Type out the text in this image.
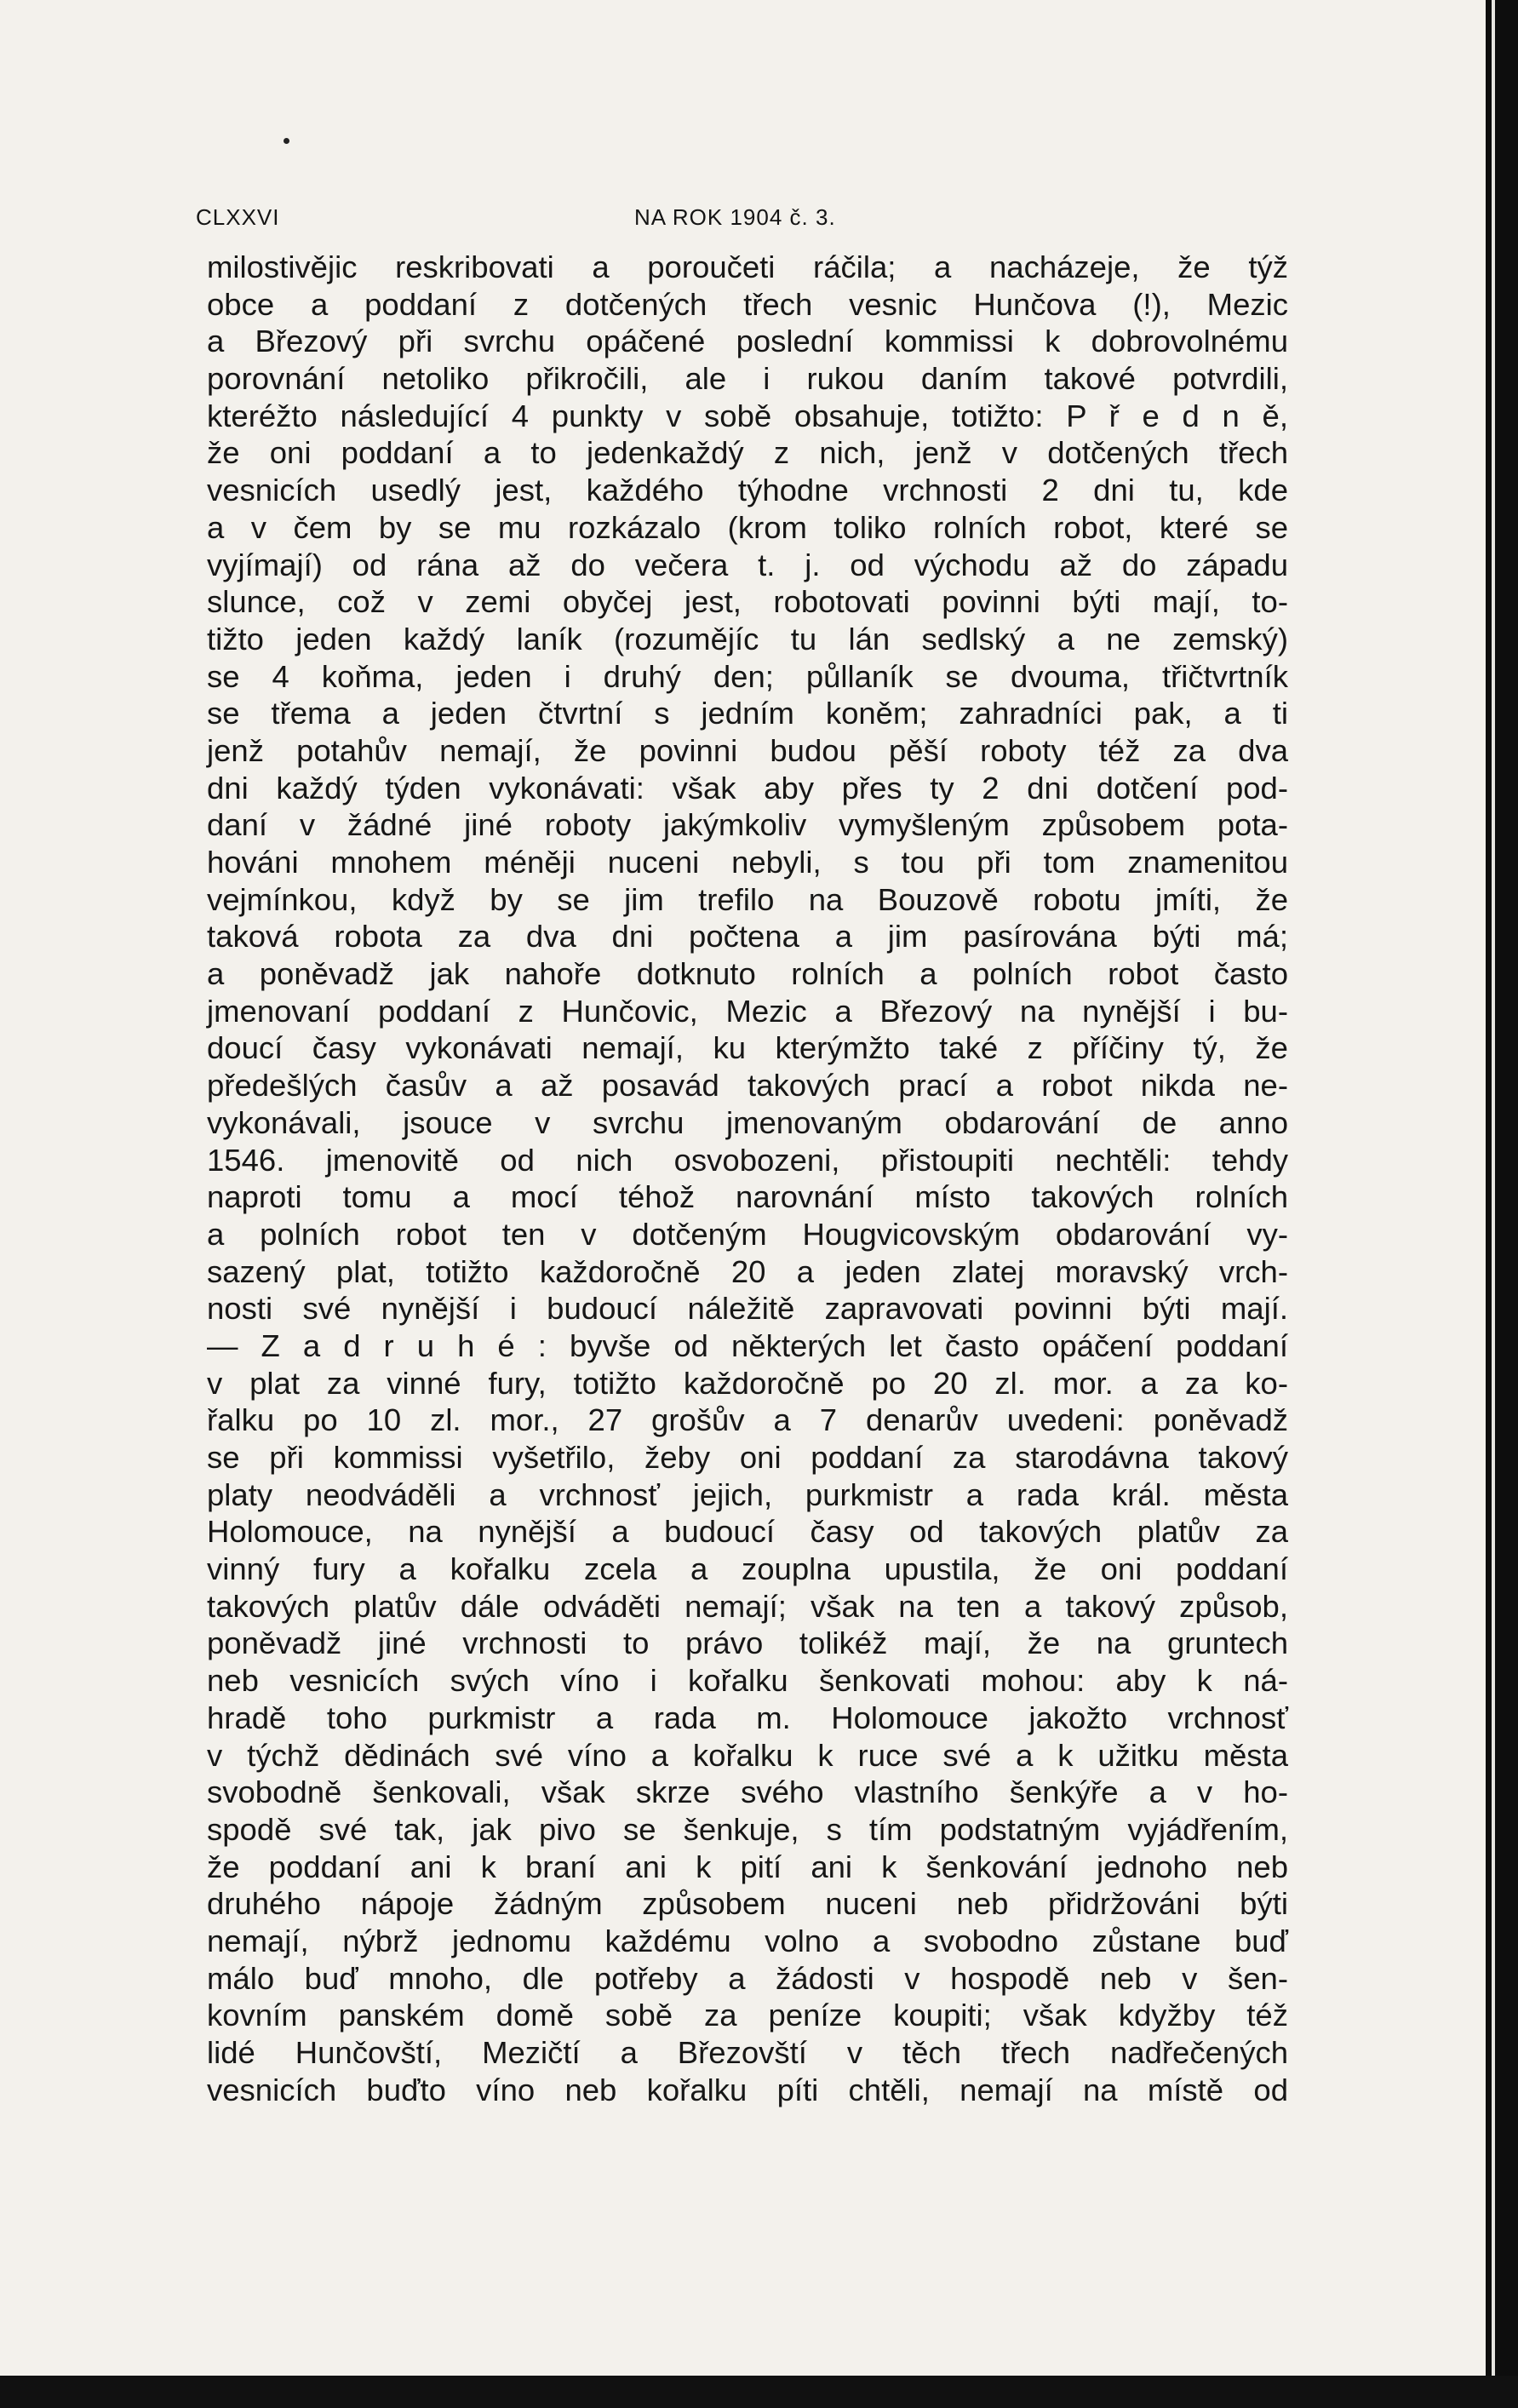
CLXXVI	NA ROK 1904 č. 3.
milostivějic reskribovati a poroučeti ráčila; a nacházeje, že týž
obce a poddaní z dotčených třech vesnic Hunčova (!), Mezic
a Březový při svrchu opáčené poslední kommissi k dobrovolnému
porovnání netoliko přikročili, ale i rukou daním takové potvrdili,
kteréžto následující 4 punkty v sobě obsahuje, totižto: P ř e d n ě,
že oni poddaní a to jedenkaždý z nich, jenž v dotčených třech
vesnicích usedlý jest, každého týhodne vrchnosti 2 dni tu, kde
a v čem by se mu rozkázalo (krom toliko rolních robot, které se
vyjímají) od rána až do večera t. j. od východu až do západu
slunce, což v zemi obyčej jest, robotovati povinni býti mají, to-
tižto jeden každý laník (rozumějíc tu lán sedlský a ne zemský)
se 4 koňma, jeden i druhý den; půllaník se dvouma, třičtvrtník
se třema a jeden čtvrtní s jedním koněm; zahradníci pak, a ti
jenž potahův nemají, že povinni budou pěší roboty též za dva
dni každý týden vykonávati: však aby přes ty 2 dni dotčení pod-
daní v žádné jiné roboty jakýmkoliv vymyšleným způsobem pota-
hováni mnohem méněji nuceni nebyli, s tou při tom znamenitou
vejmínkou, když by se jim trefilo na Bouzově robotu jmíti, že
taková robota za dva dni počtena a jim pasírována býti má;
a poněvadž jak nahoře dotknuto rolních a polních robot často
jmenovaní poddaní z Hunčovic, Mezic a Březový na nynější i bu-
doucí časy vykonávati nemají, ku kterýmžto také z příčiny tý, že
předešlých časův a až posavád takových prací a robot nikda ne-
vykonávali, jsouce v svrchu jmenovaným obdarování de anno
1546. jmenovitě od nich osvobozeni, přistoupiti nechtěli: tehdy
naproti tomu a mocí téhož narovnání místo takových rolních
a polních robot ten v dotčeným Hougvicovským obdarování vy-
sazený plat, totižto každoročně 20 a jeden zlatej moravský vrch-
nosti své nynější i budoucí náležitě zapravovati povinni býti mají.
— Z a d r u h é : byvše od některých let často opáčení poddaní
v plat za vinné fury, totižto každoročně po 20 zl. mor. a za ko-
řalku po 10 zl. mor., 27 grošův a 7 denarův uvedeni: poněvadž
se při kommissi vyšetřilo, žeby oni poddaní za starodávna takový
platy neodváděli a vrchnosť jejich, purkmistr a rada král. města
Holomouce, na nynější a budoucí časy od takových platův za
vinný fury a kořalku zcela a zouplna upustila, že oni poddaní
takových platův dále odváděti nemají; však na ten a takový způsob,
poněvadž jiné vrchnosti to právo tolikéž mají, že na gruntech
neb vesnicích svých víno i kořalku šenkovati mohou: aby k ná-
hradě toho purkmistr a rada m. Holomouce jakožto vrchnosť
v týchž dědinách své víno a kořalku k ruce své a k užitku města
svobodně šenkovali, však skrze svého vlastního šenkýře a v ho-
spodě své tak, jak pivo se šenkuje, s tím podstatným vyjádřením,
že poddaní ani k braní ani k pití ani k šenkování jednoho neb
druhého nápoje žádným způsobem nuceni neb přidržováni býti
nemají, nýbrž jednomu každému volno a svobodno zůstane buď
málo buď mnoho, dle potřeby a žádosti v hospodě neb v šen-
kovním panském domě sobě za peníze koupiti; však kdyžby též
lidé Hunčovští, Mezičtí a Březovští v těch třech nadřečených
vesnicích buďto víno neb kořalku píti chtěli, nemají na místě od
